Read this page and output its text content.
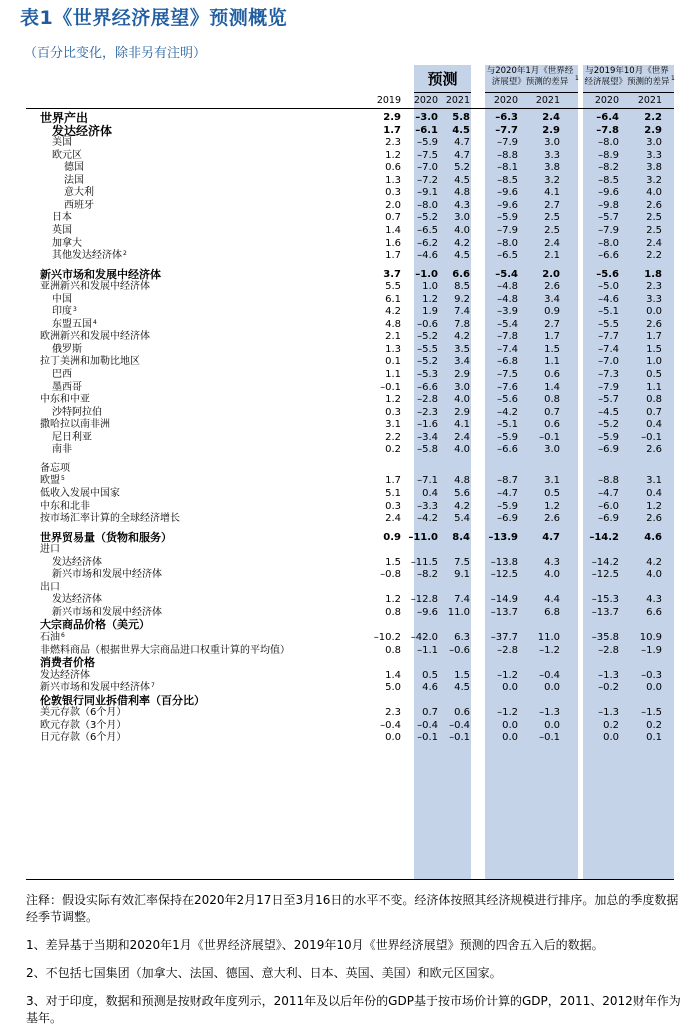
表1《世界经济展望》预测概览
（百分比变化，除非另有注明）
预测	与2020年1月《世界经济展望》预测的差异 $^1$
与2019年10月《世界经济展望》预测的差异 $^1$
2019	2020 2021	2020	2021	2020	2021
世界产出	2.9	–3.0	5.8	–6.3	2.4	–6.4	2.2
发达经济体	1.7	–6.1	4.5	–7.7	2.9	–7.8	2.9
美国	2.3	–5.9	4.7	–7.9	3.0	–8.0	3.0
欧元区	1.2	–7.5	4.7	–8.8	3.3	–8.9	3.3
德国	0.6	–7.0	5.2	–8.1	3.8	–8.2	3.8
法国	1.3	–7.2	4.5	–8.5	3.2	–8.5	3.2
意大利	0.3	–9.1	4.8	–9.6	4.1	–9.6	4.0
西班牙	2.0	–8.0	4.3	–9.6	2.7	–9.8	2.6
日本	0.7	–5.2	3.0	–5.9	2.5	–5.7	2.5
英国	1.4	–6.5	4.0	–7.9	2.5	–7.9	2.5
加拿大	1.6	–6.2	4.2	–8.0	2.4	–8.0	2.4
其他发达经济体 2	1.7	–4.6	4.5	–6.5	2.1	–6.6	2.2
新兴市场和发展中经济体	3.7	–1.0	6.6	–5.4	2.0	–5.6	1.8
亚洲新兴和发展中经济体	5.5	1.0	8.5	–4.8	2.6	–5.0	2.3
中国	6.1	1.2	9.2	–4.8	3.4	–4.6	3.3
印度 3	4.2	1.9	7.4	–3.9	0.9	–5.1	0.0
东盟五国 4	4.8	–0.6	7.8	–5.4	2.7	–5.5	2.6
欧洲新兴和发展中经济体	2.1	–5.2	4.2	–7.8	1.7	–7.7	1.7
俄罗斯	1.3	–5.5	3.5	–7.4	1.5	–7.4	1.5
拉丁美洲和加勒比地区	0.1	–5.2	3.4	–6.8	1.1	–7.0	1.0
巴西	1.1	–5.3	2.9	–7.5	0.6	–7.3	0.5
墨西哥	–0.1	–6.6	3.0	–7.6	1.4	–7.9	1.1
中东和中亚	1.2	–2.8	4.0	–5.6	0.8	–5.7	0.8
沙特阿拉伯	0.3	–2.3	2.9	–4.2	0.7	–4.5	0.7
撒哈拉以南非洲	3.1	–1.6	4.1	–5.1	0.6	–5.2	0.4
尼日利亚	2.2	–3.4	2.4	–5.9	–0.1	–5.9	–0.1
南非	0.2	–5.8	4.0	–6.6	3.0	–6.9	2.6
备忘项
欧盟 5	1.7	–7.1	4.8	–8.7	3.1	–8.8	3.1
低收入发展中国家	5.1	0.4	5.6	–4.7	0.5	–4.7	0.4
中东和北非	0.3	–3.3	4.2	–5.9	1.2	–6.0	1.2
按市场汇率计算的全球经济增长	2.4	–4.2	5.4	–6.9	2.6	–6.9	2.6
世界贸易量（货物和服务）	0.9 –11.0	8.4	–13.9	4.7	–14.2	4.6
进口
发达经济体	1.5 –11.5	7.5	–13.8	4.3	–14.2	4.2
新兴市场和发展中经济体	–0.8	–8.2	9.1	–12.5	4.0	–12.5	4.0
出口
发达经济体	1.2 –12.8	7.4	–14.9	4.4	–15.3	4.3
新兴市场和发展中经济体	0.8	–9.6 11.0	–13.7	6.8	–13.7	6.6
大宗商品价格（美元）
石油 6	–10.2 –42.0	6.3	–37.7	11.0	–35.8	10.9
非燃料商品（根据世界大宗商品进口权重计算的平均值）	0.8	–1.1	–0.6	–2.8	–1.2	–2.8	–1.9
消费者价格
发达经济体	1.4	0.5	1.5	–1.2	–0.4	–1.3	–0.3
新兴市场和发展中经济体 7	5.0	4.6	4.5	0.0	0.0	–0.2	0.0
伦敦银行同业拆借利率（百分比）
美元存款（6个月）	2.3	0.7	0.6	–1.2	–1.3	–1.3	–1.5
欧元存款（3个月）	–0.4	–0.4	–0.4	0.0	0.0	0.2	0.2
日元存款（6个月）	0.0	–0.1	–0.1	0.0	–0.1	0.0	0.1

注释：假设实际有效汇率保持在2020年2月17日至3月16日的水平不变。经济体按照其经济规模进行排序。加总的季度数据经季节调整。

1、差异基于当期和2020年1月《世界经济展望》、2019年10月《世界经济展望》预测的四舍五入后的数据。

2、不包括七国集团（加拿大、法国、德国、意大利、日本、英国、美国）和欧元区国家。

3、对于印度，数据和预测是按财政年度列示，2011年及以后年份的GDP基于按市场价计算的GDP，2011、2012财年作为基年。
